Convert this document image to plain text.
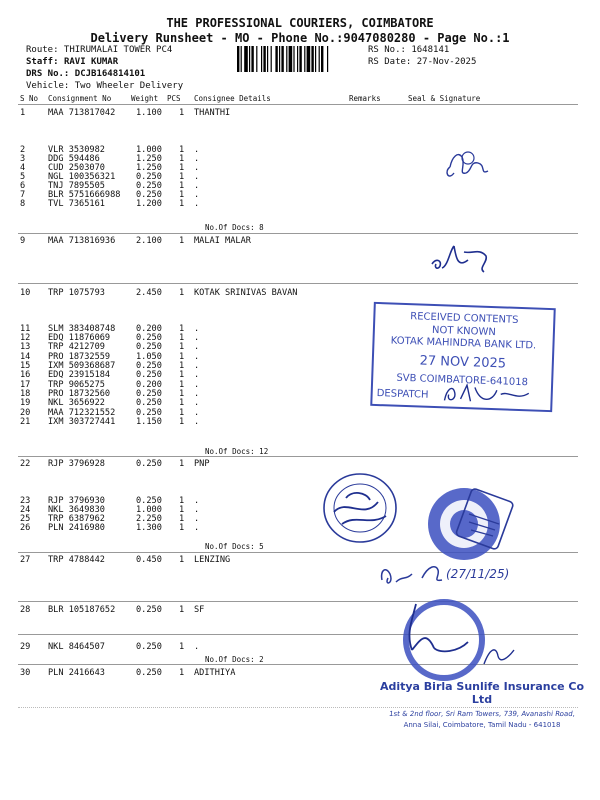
THE PROFESSIONAL COURIERS, COIMBATORE
Delivery Runsheet - MO - Phone No.:9047080280 - Page No.:1
Route: THIRUMALAI TOWER PC4
Staff: RAVI KUMAR
DRS No.: DCJB164814101
Vehicle: Two Wheeler Delivery
RS No.: 1648141
RS Date: 27-Nov-2025
S No Consignment No	Weight PCS Consignee Details	Remarks	Seal & Signature
1	MAA 713817042 1.100 1 THANTHI
2	VLR 3530982	1.000 1 .
3	DDG 594486	1.250 1 .
4	CUD 2503070	1.250 1 .
5	NGL 100356321 0.250 1 .
6	TNJ 7895505	0.250 1 .
7	BLR 5751666988 0.250 1 .
8	TVL 7365161	1.200 1 .
9	MAA 713816936 2.100 1 MALAI MALAR
10 TRP 1075793	2.450 1 KOTAK SRINIVAS BAVAN
11 SLM 383408748 0.200 1 .
12 EDQ 11876069	0.250 1 .
13 TRP 4212709	0.250 1 .
14 PRO 18732559	1.050 1 .
15 IXM 509368687 0.250 1 .
16 EDQ 23915184	0.250 1 .
17 TRP 9065275	0.200 1 .
18 PRO 18732560	0.250 1 .
19 NKL 3656922	0.250 1 .
20 MAA 712321552 0.250 1 .
21 IXM 303727441 1.150 1 .
22 RJP 3796928	0.250 1 PNP
23 RJP 3796930	0.250 1 .
24 NKL 3649830	1.000 1 .
25 TRP 6387962	2.250 1 .
26 PLN 2416980	1.300 1 .
27 TRP 4788442	0.450 1 LENZING
28 BLR 105187652 0.250 1 SF
29 NKL 8464507	0.250 1 .
30 PLN 2416643	0.250 1 ADITHIYA
No.Of Docs: 8
No.Of Docs: 12
No.Of Docs: 5
No.Of Docs: 2
RECEIVED CONTENTS
NOT KNOWN
KOTAK MAHINDRA BANK LTD.
27 NOV 2025
SVB COIMBATORE-641018
DESPATCH
(27/11/25)
Aditya Birla Sunlife Insurance Co Ltd
1st & 2nd floor, Sri Ram Towers, 739, Avanashi Road,
Anna Silai, Coimbatore, Tamil Nadu - 641018
